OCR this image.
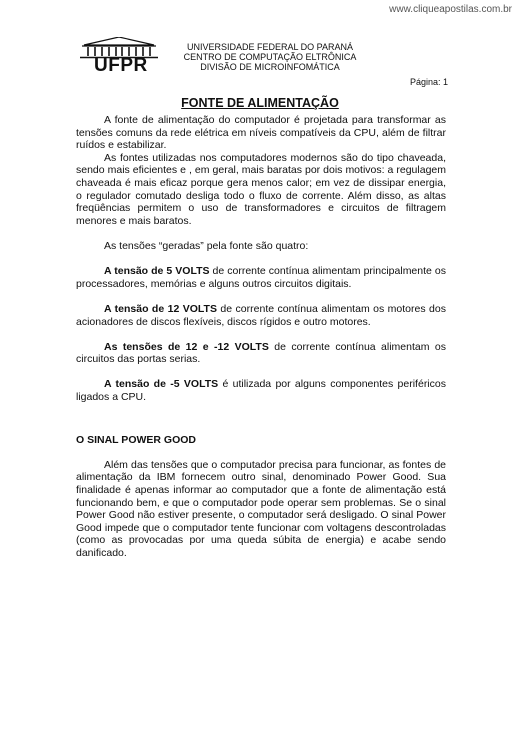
www.cliqueapostilas.com.br
UFPR
UNIVERSIDADE FEDERAL DO PARANÁ
CENTRO DE COMPUTAÇÃO ELTRÔNICA
DIVISÃO DE MICROINFOMÁTICA
Página: 1
FONTE DE ALIMENTAÇÃO

A fonte de alimentação do computador é projetada para transformar as tensões comuns da rede elétrica em níveis compatíveis da CPU, além de filtrar ruídos e estabilizar.

As fontes utilizadas nos computadores modernos são do tipo chaveada, sendo mais eficientes e , em geral, mais baratas por dois motivos: a regulagem chaveada é mais eficaz porque gera menos calor; em vez de dissipar energia, o regulador comutado desliga todo o fluxo de corrente. Além disso, as altas freqüências permitem o uso de transformadores e circuitos de filtragem menores e mais baratos.

As tensões “geradas” pela fonte são quatro:

A tensão de 5 VOLTS de corrente contínua alimentam principalmente os processadores, memórias e alguns outros circuitos digitais.

A tensão de 12 VOLTS de corrente contínua alimentam os motores dos acionadores de discos flexíveis, discos rígidos e outro motores.

As tensões de 12 e -12 VOLTS de corrente contínua alimentam os circuitos das portas serias.

A tensão de -5 VOLTS é utilizada por alguns componentes periféricos ligados a CPU.

O SINAL POWER GOOD

Além das tensões que o computador precisa para funcionar, as fontes de alimentação da IBM fornecem outro sinal, denominado Power Good. Sua finalidade é apenas informar ao computador que a fonte de alimentação está funcionando bem, e que o computador pode operar sem problemas. Se o sinal Power Good não estiver presente, o computador será desligado. O sinal Power Good impede que o computador tente funcionar com voltagens descontroladas (como as provocadas por uma queda súbita de energia) e acabe sendo danificado.
